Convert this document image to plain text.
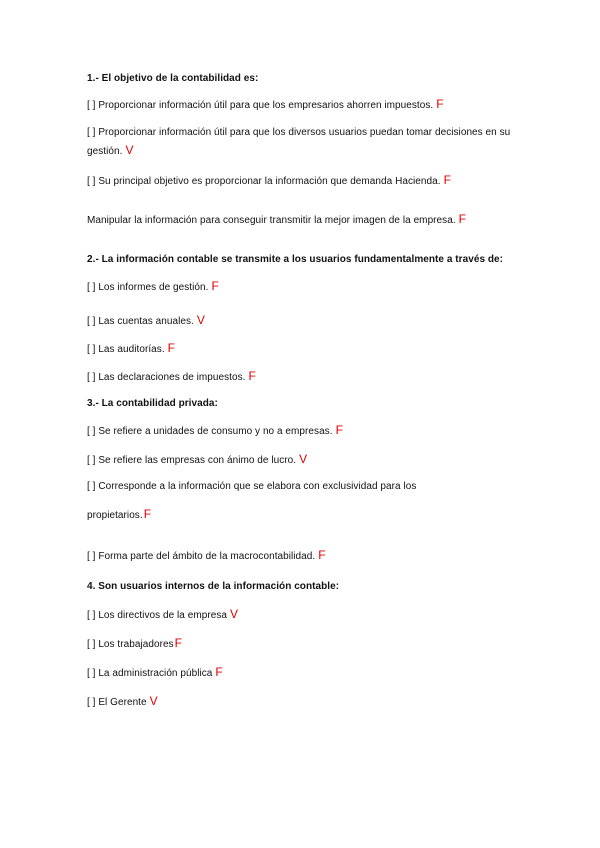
1.- El objetivo de la contabilidad es:
[ ] Proporcionar información útil para que los empresarios ahorren impuestos. F
[ ] Proporcionar información útil para que los diversos usuarios puedan tomar decisiones en su
gestión. V
[ ] Su principal objetivo es proporcionar la información que demanda Hacienda. F
Manipular la información para conseguir transmitir la mejor imagen de la empresa. F
2.- La información contable se transmite a los usuarios fundamentalmente a través de:
[ ] Los informes de gestión. F
[ ] Las cuentas anuales. V
[ ] Las auditorías. F
[ ] Las declaraciones de impuestos. F
3.- La contabilidad privada:
[ ] Se refiere a unidades de consumo y no a empresas. F
[ ] Se refiere las empresas con ánimo de lucro. V
[ ] Corresponde a la información que se elabora con exclusividad para los
propietarios.F
[ ] Forma parte del ámbito de la macrocontabilidad. F
4. Son usuarios internos de la información contable:
[ ] Los directivos de la empresa V
[ ] Los trabajadoresF
[ ] La administración pública F
[ ] El Gerente V
